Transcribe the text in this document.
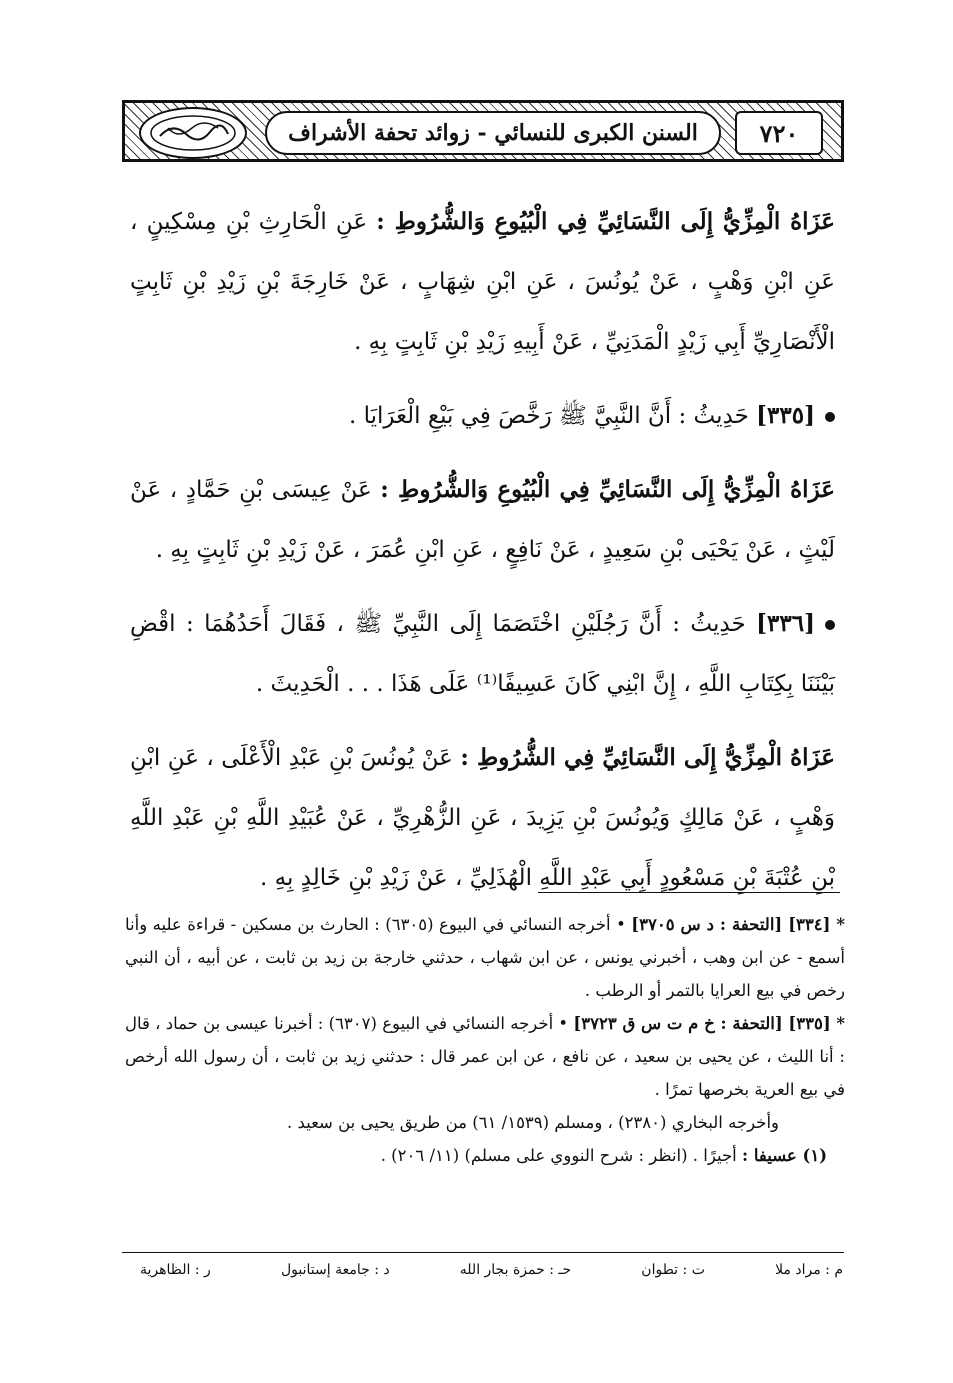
٧٢٠
السنن الكبرى للنسائي - زوائد تحفة الأشراف

عَزَاهُ الْمِزِّيُّ إِلَى النَّسَائِيِّ فِي الْبُيُوعِ وَالشُّرُوطِ : عَنِ الْحَارِثِ بْنِ مِسْكِينٍ ، عَنِ ابْنِ وَهْبٍ ، عَنْ يُونُسَ ، عَنِ ابْنِ شِهَابٍ ، عَنْ خَارِجَةَ بْنِ زَيْدِ بْنِ ثَابِتٍ الْأَنْصَارِيِّ أَبِي زَيْدٍ الْمَدَنِيِّ ، عَنْ أَبِيهِ زَيْدِ بْنِ ثَابِتٍ بِهِ .

[٣٣٥] حَدِيثُ : أَنَّ النَّبِيَّ ﷺ رَخَّصَ فِي بَيْعِ الْعَرَايَا .

عَزَاهُ الْمِزِّيُّ إِلَى النَّسَائِيِّ فِي الْبُيُوعِ وَالشُّرُوطِ : عَنْ عِيسَى بْنِ حَمَّادٍ ، عَنْ لَيْثٍ ، عَنْ يَحْيَى بْنِ سَعِيدٍ ، عَنْ نَافِعٍ ، عَنِ ابْنِ عُمَرَ ، عَنْ زَيْدِ بْنِ ثَابِتٍ بِهِ .

[٣٣٦] حَدِيثُ : أَنَّ رَجُلَيْنِ اخْتَصَمَا إِلَى النَّبِيِّ ﷺ ، فَقَالَ أَحَدُهُمَا : اقْضِ بَيْنَنَا بِكِتَابِ اللَّهِ ، إِنَّ ابْنِي كَانَ عَسِيفًا⁽¹⁾ عَلَى هَذَا . . . الْحَدِيثَ .

عَزَاهُ الْمِزِّيُّ إِلَى النَّسَائِيِّ فِي الشُّرُوطِ : عَنْ يُونُسَ بْنِ عَبْدِ الْأَعْلَى ، عَنِ ابْنِ وَهْبٍ ، عَنْ مَالِكٍ وَيُونُسَ بْنِ يَزِيدَ ، عَنِ الزُّهْرِيِّ ، عَنْ عُبَيْدِ اللَّهِ بْنِ عَبْدِ اللَّهِ بْنِ عُتْبَةَ بْنِ مَسْعُودٍ أَبِي عَبْدِ اللَّهِ الْهُذَلِيِّ ، عَنْ زَيْدِ بْنِ خَالِدٍ بِهِ .

* [٣٣٤] [التحفة : د س ٣٧٠٥] • أخرجه النسائي في البيوع (٦٣٠٥) : الحارث بن مسكين - قراءة عليه وأنا أسمع - عن ابن وهب ، أخبرني يونس ، عن ابن شهاب ، حدثني خارجة بن زيد بن ثابت ، عن أبيه ، أن النبي رخص في بيع العرايا بالتمر أو الرطب .

* [٣٣٥] [التحفة : خ م ت س ق ٣٧٢٣] • أخرجه النسائي في البيوع (٦٣٠٧) : أخبرنا عيسى بن حماد ، قال : أنا الليث ، عن يحيى بن سعيد ، عن نافع ، عن ابن عمر قال : حدثني زيد بن ثابت ، أن رسول الله أرخص في بيع العرية بخرصها تمرًا .

وأخرجه البخاري (٢٣٨٠) ، ومسلم (١٥٣٩/ ٦١) من طريق يحيى بن سعيد .

(١) عسيفا : أجيرًا . (انظر : شرح النووي على مسلم) (١١/ ٢٠٦) .

م : مراد ملا
ت : تطوان
حـ : حمزة بجار الله
د : جامعة إستانبول
ر : الظاهرية
